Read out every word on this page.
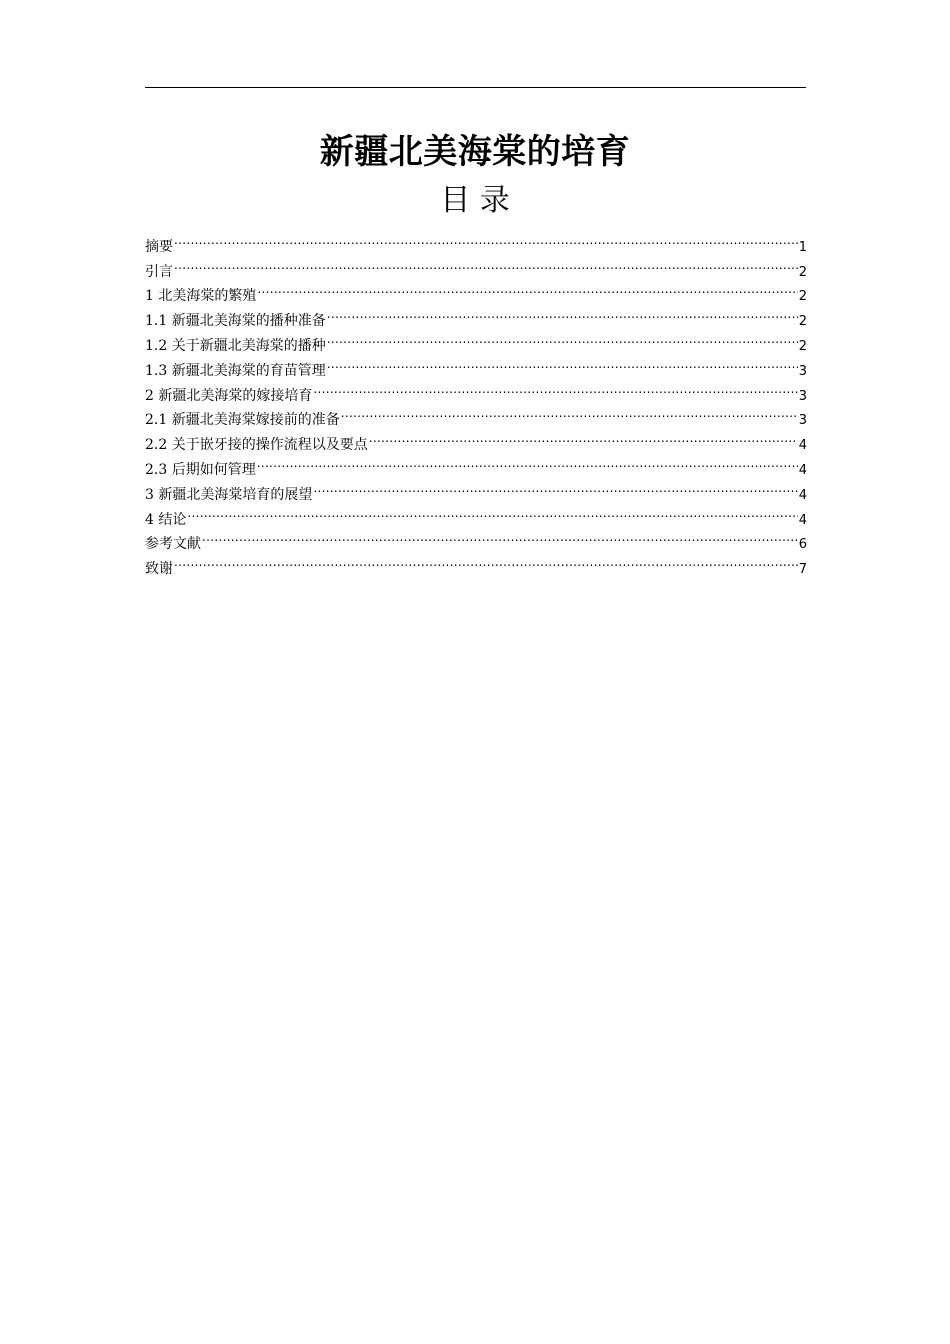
新疆北美海棠的培育
目 录
摘要 .....	1
引言 .....	2
1 北美海棠的繁殖 .....	2
1.1 新疆北美海棠的播种准备 .....	2
1.2 关于新疆北美海棠的播种 .....	2
1.3 新疆北美海棠的育苗管理 .....	3
2 新疆北美海棠的嫁接培育 .....	3
2.1 新疆北美海棠嫁接前的准备 .....	3
2.2 关于嵌牙接的操作流程以及要点 .....	4
2.3 后期如何管理 .....	4
3 新疆北美海棠培育的展望 .....	4
4 结论 .....	4
参考文献 .....	6
致谢 .....	7
